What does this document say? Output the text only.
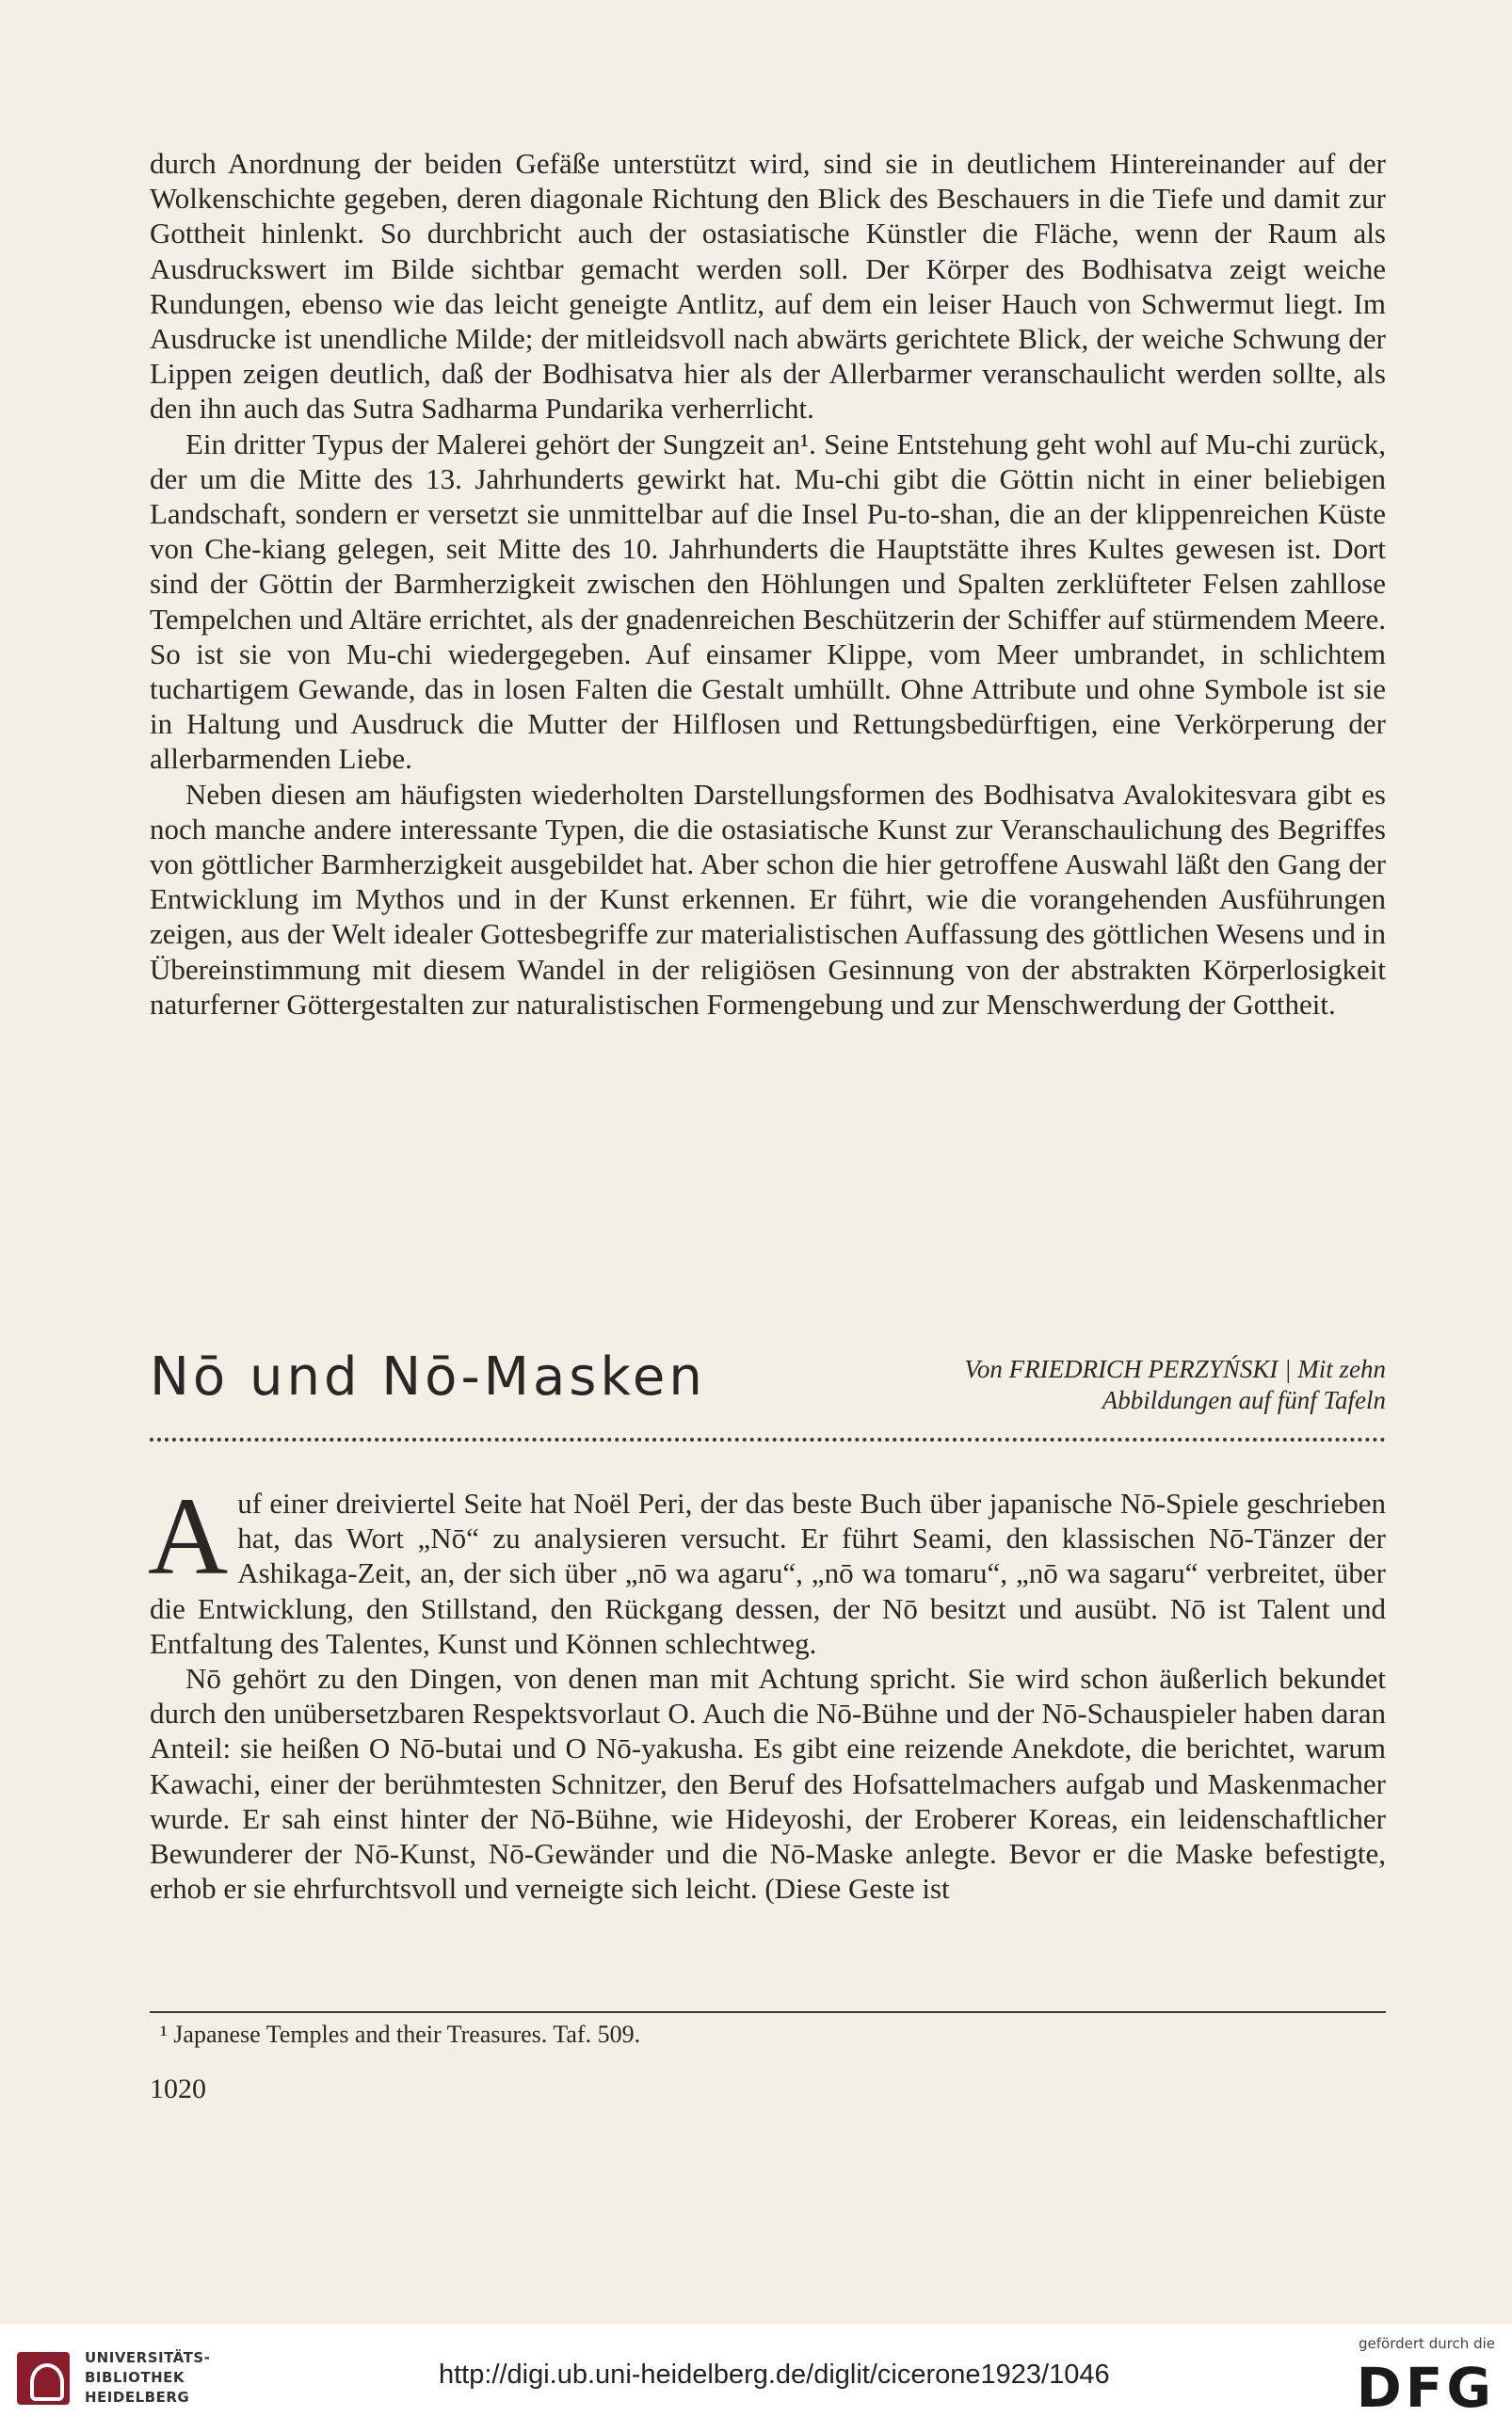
durch Anordnung der beiden Gefäße unterstützt wird, sind sie in deutlichem Hintereinander auf der Wolkenschichte gegeben, deren diagonale Richtung den Blick des Beschauers in die Tiefe und damit zur Gottheit hinlenkt. So durchbricht auch der ostasiatische Künstler die Fläche, wenn der Raum als Ausdruckswert im Bilde sichtbar gemacht werden soll. Der Körper des Bodhisatva zeigt weiche Rundungen, ebenso wie das leicht geneigte Antlitz, auf dem ein leiser Hauch von Schwermut liegt. Im Ausdrucke ist unendliche Milde; der mitleidsvoll nach abwärts gerichtete Blick, der weiche Schwung der Lippen zeigen deutlich, daß der Bodhisatva hier als der Allerbarmer veranschaulicht werden sollte, als den ihn auch das Sutra Sadharma Pundarika verherrlicht.

Ein dritter Typus der Malerei gehört der Sungzeit an¹. Seine Entstehung geht wohl auf Mu-chi zurück, der um die Mitte des 13. Jahrhunderts gewirkt hat. Mu-chi gibt die Göttin nicht in einer beliebigen Landschaft, sondern er versetzt sie unmittelbar auf die Insel Pu-to-shan, die an der klippenreichen Küste von Che-kiang gelegen, seit Mitte des 10. Jahrhunderts die Hauptstätte ihres Kultes gewesen ist. Dort sind der Göttin der Barmherzigkeit zwischen den Höhlungen und Spalten zerklüfteter Felsen zahllose Tempelchen und Altäre errichtet, als der gnadenreichen Beschützerin der Schiffer auf stürmendem Meere. So ist sie von Mu-chi wiedergegeben. Auf einsamer Klippe, vom Meer umbrandet, in schlichtem tuchartigem Gewande, das in losen Falten die Gestalt umhüllt. Ohne Attribute und ohne Symbole ist sie in Haltung und Ausdruck die Mutter der Hilflosen und Rettungsbedürftigen, eine Verkörperung der allerbarmenden Liebe.

Neben diesen am häufigsten wiederholten Darstellungsformen des Bodhisatva Avalokitesvara gibt es noch manche andere interessante Typen, die die ostasiatische Kunst zur Veranschaulichung des Begriffes von göttlicher Barmherzigkeit ausgebildet hat. Aber schon die hier getroffene Auswahl läßt den Gang der Entwicklung im Mythos und in der Kunst erkennen. Er führt, wie die vorangehenden Ausführungen zeigen, aus der Welt idealer Gottesbegriffe zur materialistischen Auffassung des göttlichen Wesens und in Übereinstimmung mit diesem Wandel in der religiösen Gesinnung von der abstrakten Körperlosigkeit naturferner Göttergestalten zur naturalistischen Formengebung und zur Menschwerdung der Gottheit.

Nō und Nō-Masken	Von FRIEDRICH PERZYŃSKI | Mit zehn Abbildungen auf fünf Tafeln

Auf einer dreiviertel Seite hat Noël Peri, der das beste Buch über japanische Nō-Spiele geschrieben hat, das Wort „Nō“ zu analysieren versucht. Er führt Seami, den klassischen Nō-Tänzer der Ashikaga-Zeit, an, der sich über „nō wa agaru“, „nō wa tomaru“, „nō wa sagaru“ verbreitet, über die Entwicklung, den Stillstand, den Rückgang dessen, der Nō besitzt und ausübt. Nō ist Talent und Entfaltung des Talentes, Kunst und Können schlechtweg.

Nō gehört zu den Dingen, von denen man mit Achtung spricht. Sie wird schon äußerlich bekundet durch den unübersetzbaren Respektsvorlaut O. Auch die Nō-Bühne und der Nō-Schauspieler haben daran Anteil: sie heißen O Nō-butai und O Nō-yakusha. Es gibt eine reizende Anekdote, die berichtet, warum Kawachi, einer der berühmtesten Schnitzer, den Beruf des Hofsattelmachers aufgab und Maskenmacher wurde. Er sah einst hinter der Nō-Bühne, wie Hideyoshi, der Eroberer Koreas, ein leidenschaftlicher Bewunderer der Nō-Kunst, Nō-Gewänder und die Nō-Maske anlegte. Bevor er die Maske befestigte, erhob er sie ehrfurchtsvoll und verneigte sich leicht. (Diese Geste ist

¹ Japanese Temples and their Treasures. Taf. 509.
1020
UNIVERSITÄTS-
BIBLIOTHEK
HEIDELBERG
http://digi.ub.uni-heidelberg.de/diglit/cicerone1923/1046
gefördert durch die
DFG
